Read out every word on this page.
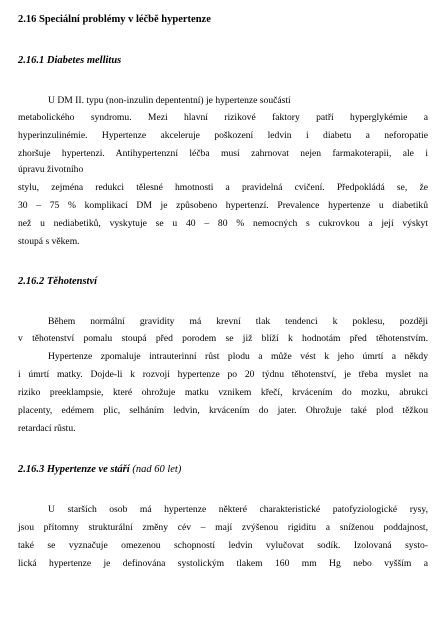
2.16 Speciální problémy v léčbě hypertenze
2.16.1 Diabetes mellitus
U DM II. typu (non-inzulin depententní) je hypertenze součástí
metabolického syndromu. Mezi hlavní rizikové faktory patří hyperglykémie a
hyperinzulinémie. Hypertenze akceleruje poškození ledvin i diabetu a neforopatie
zhoršuje hypertenzi. Antihypertenzní léčba musí zahrnovat nejen farmakoterapii, ale i
úpravu životního
stylu, zejména redukci tělesné hmotnosti a pravidelná cvičení. Předpokládá se, že
30 – 75 % komplikací DM je způsobeno hypertenzí. Prevalence hypertenze u diabetiků
než u nediabetiků, vyskytuje se u 40 – 80 % nemocných s cukrovkou a její výskyt
stoupá s věkem.
2.16.2 Těhotenství
Během normální gravidity má krevní tlak tendenci k poklesu, později
v těhotenství pomalu stoupá před porodem se již blíží k hodnotám před těhotenstvím.
Hypertenze zpomaluje intrauterinní růst plodu a může vést k jeho úmrtí a někdy
i úmrtí matky. Dojde-li k rozvoji hypertenze po 20 týdnu těhotenství, je třeba myslet na
riziko preeklampsie, které ohrožuje matku vznikem křečí, krvácením do mozku, abrukci
placenty, edémem plic, selháním ledvin, krvácením do jater. Ohrožuje také plod těžkou
retardací růstu.
2.16.3 Hypertenze ve stáří (nad 60 let)
U starších osob má hypertenze některé charakteristické patofyziologické rysy,
jsou přítomny strukturální změny cév – mají zvýšenou rigiditu a sníženou poddajnost,
také se vyznačuje omezenou schopností ledvin vylučovat sodík. Izolovaná systo-
lická hypertenze je definována systolickým tlakem 160 mm Hg nebo vyšším a
